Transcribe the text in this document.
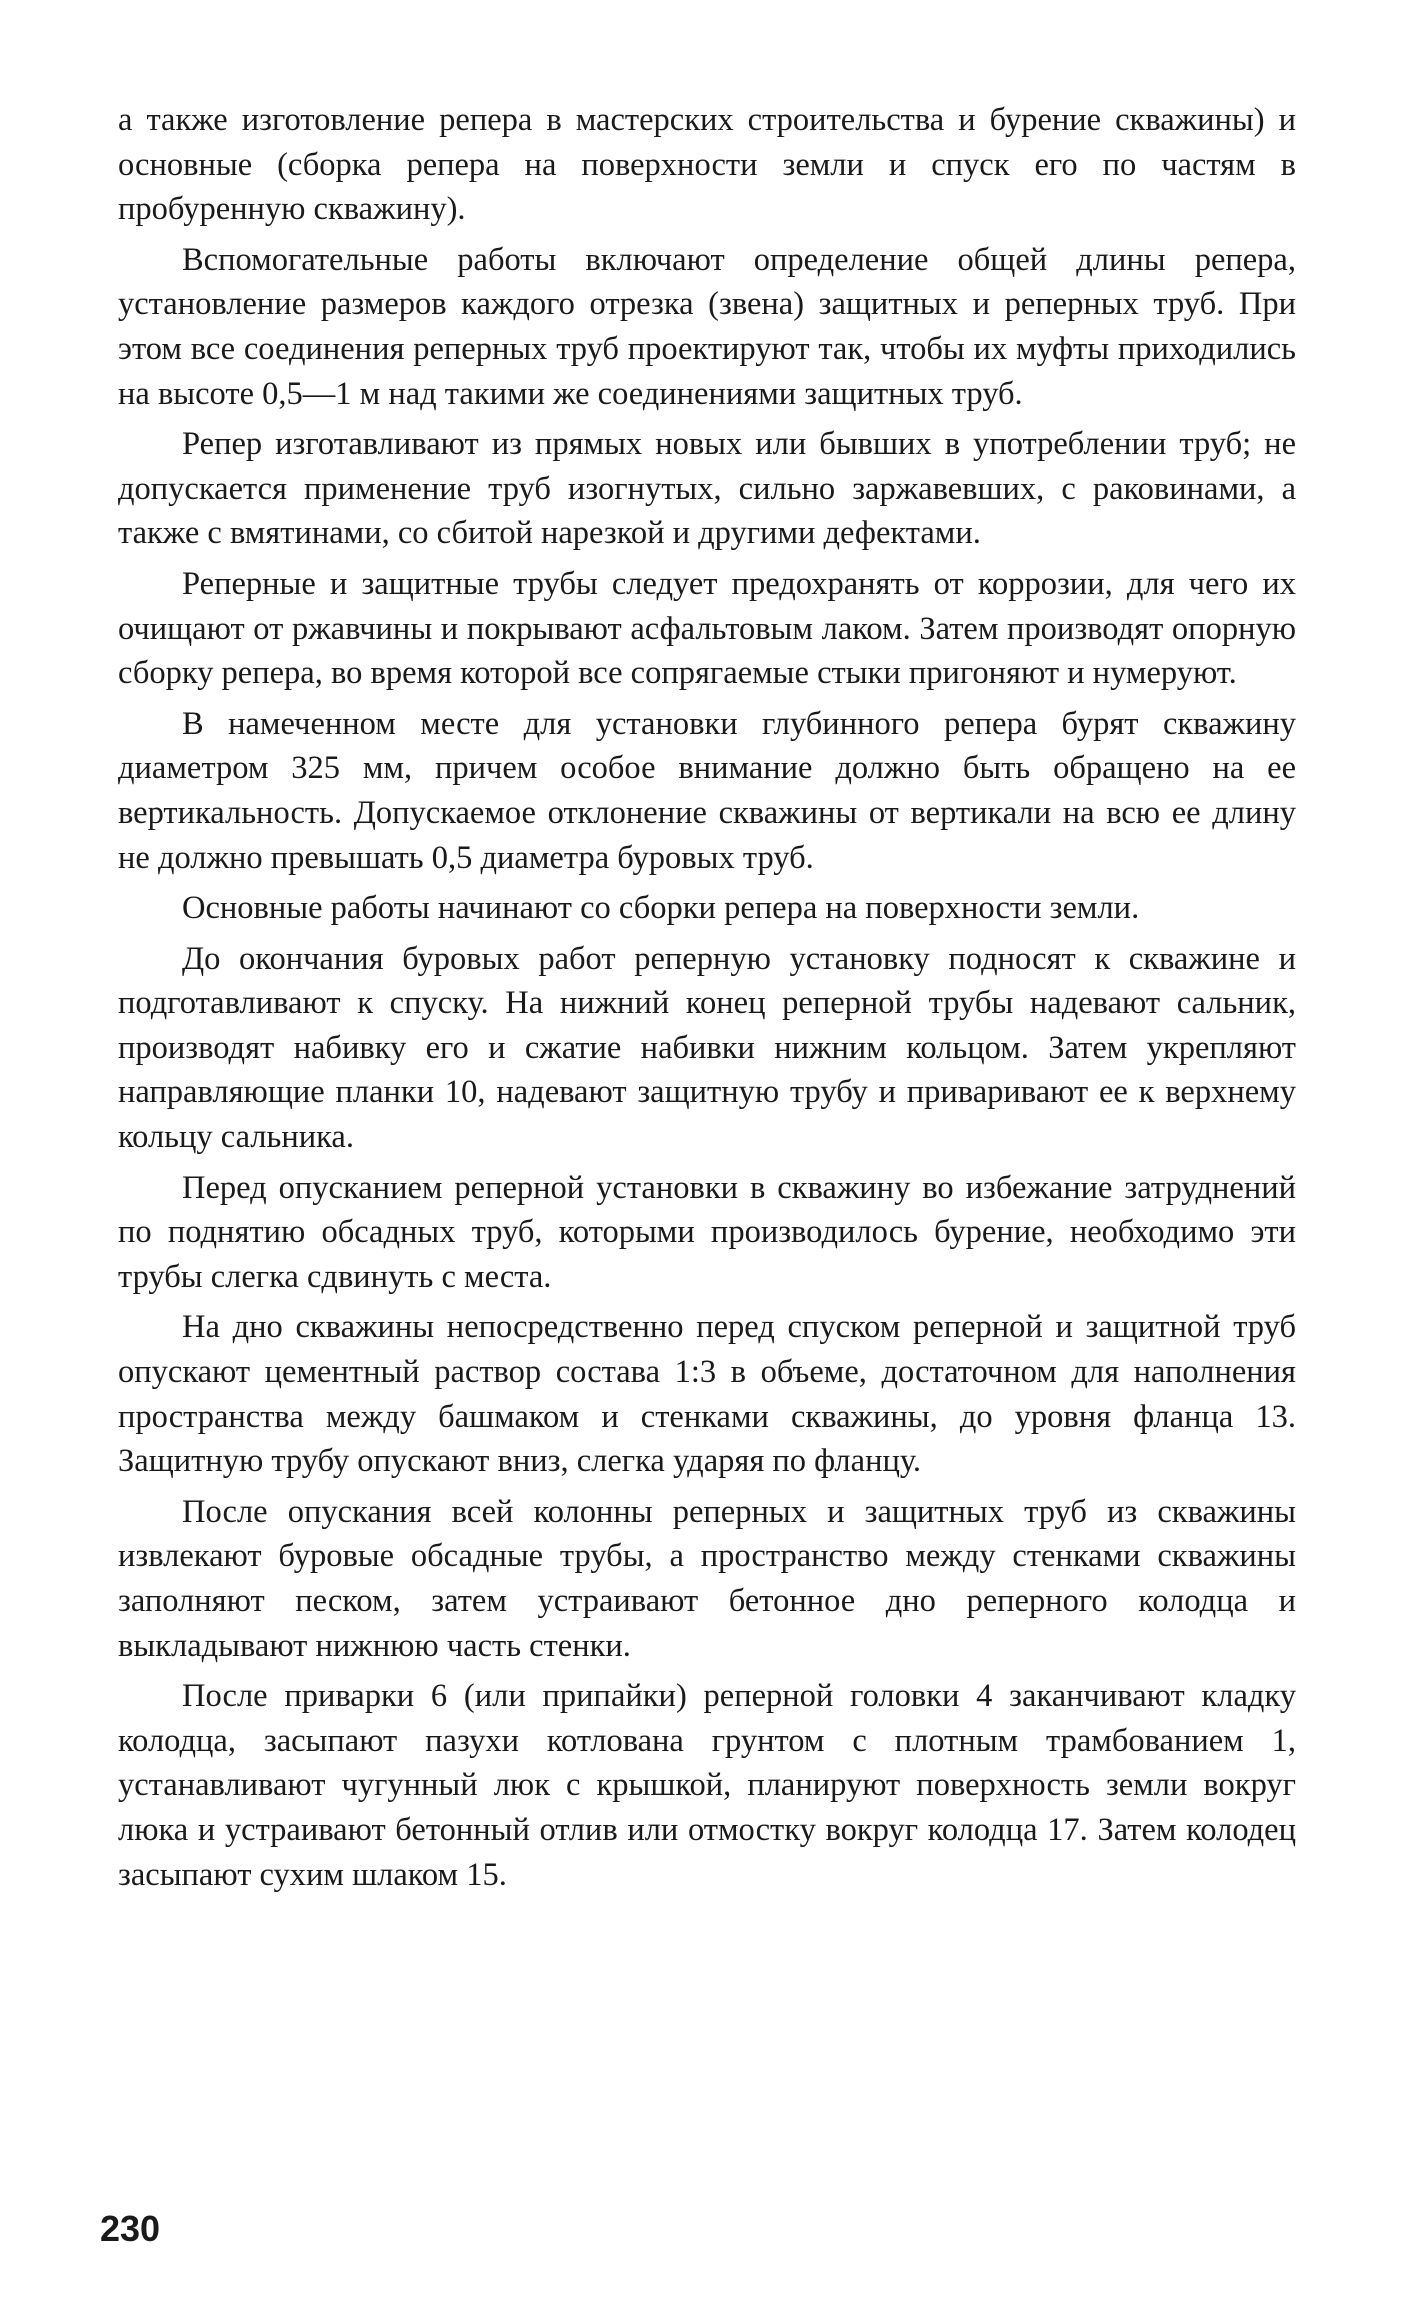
а также изготовление репера в мастерских строительства и бурение скважины) и основные (сборка репера на поверхности земли и спуск его по частям в пробуренную скважину).

Вспомогательные работы включают определение общей длины репера, установление размеров каждого отрезка (звена) защитных и реперных труб. При этом все соединения реперных труб проектируют так, чтобы их муфты приходились на высоте 0,5—1 м над такими же соединениями защитных труб.

Репер изготавливают из прямых новых или бывших в употреблении труб; не допускается применение труб изогнутых, сильно заржавевших, с раковинами, а также с вмятинами, со сбитой нарезкой и другими дефектами.

Реперные и защитные трубы следует предохранять от коррозии, для чего их очищают от ржавчины и покрывают асфальтовым лаком. Затем производят опорную сборку репера, во время которой все сопрягаемые стыки пригоняют и нумеруют.

В намеченном месте для установки глубинного репера бурят скважину диаметром 325 мм, причем особое внимание должно быть обращено на ее вертикальность. Допускаемое отклонение скважины от вертикали на всю ее длину не должно превышать 0,5 диаметра буровых труб.

Основные работы начинают со сборки репера на поверхности земли.

До окончания буровых работ реперную установку подносят к скважине и подготавливают к спуску. На нижний конец реперной трубы надевают сальник, производят набивку его и сжатие набивки нижним кольцом. Затем укрепляют направляющие планки 10, надевают защитную трубу и приваривают ее к верхнему кольцу сальника.

Перед опусканием реперной установки в скважину во избежание затруднений по поднятию обсадных труб, которыми производилось бурение, необходимо эти трубы слегка сдвинуть с места.

На дно скважины непосредственно перед спуском реперной и защитной труб опускают цементный раствор состава 1:3 в объеме, достаточном для наполнения пространства между башмаком и стенками скважины, до уровня фланца 13. Защитную трубу опускают вниз, слегка ударяя по фланцу.

После опускания всей колонны реперных и защитных труб из скважины извлекают буровые обсадные трубы, а пространство между стенками скважины заполняют песком, затем устраивают бетонное дно реперного колодца и выкладывают нижнюю часть стенки.

После приварки 6 (или припайки) реперной головки 4 заканчивают кладку колодца, засыпают пазухи котлована грунтом с плотным трамбованием 1, устанавливают чугунный люк с крышкой, планируют поверхность земли вокруг люка и устраивают бетонный отлив или отмостку вокруг колодца 17. Затем колодец засыпают сухим шлаком 15.

230
